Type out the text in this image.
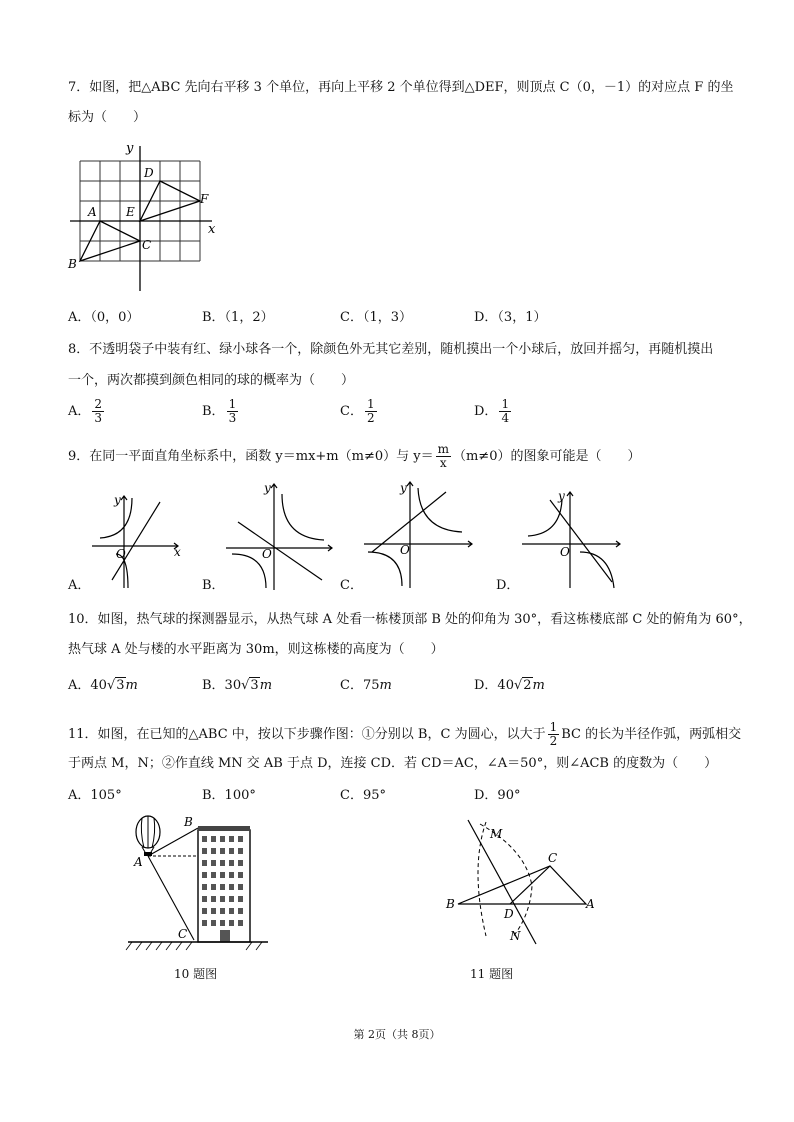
7．如图，把△ABC 先向右平移 3 个单位，再向上平移 2 个单位得到△DEF，则顶点 C（0，－1）的对应点 F 的坐
标为（　　）
y
x
A
B
C
D
E
F
A．（0，0）	B．（1，2）	C．（1，3）	D．（3，1）
8．不透明袋子中装有红、绿小球各一个，除颜色外无其它差别，随机摸出一个小球后，放回并摇匀，再随机摸出
一个，两次都摸到颜色相同的球的概率为（　　）
A． $\frac{2}{3}$	B． $\frac{1}{3}$	C． $\frac{1}{2}$	D． $\frac{1}{4}$
9．在同一平面直角坐标系中，函数 y＝mx+m（m≠0）与 $y= \frac{m}{x} (m\ne 0)$的图象可能是（　　）
y
O	x
y
O
y
O
y
O
A．	B．	C．	D．
10．如图，热气球的探测器显示，从热气球 A 处看一栋楼顶部 B 处的仰角为 30°，看这栋楼底部 C 处的俯角为 60°，
热气球 A 处与楼的水平距离为 30m，则这栋楼的高度为（　　）
A．40√3m	B．30√3m	C．75m	D．40√2m
11．如图，在已知的△ABC 中，按以下步骤作图：①分别以 B，C 为圆心，以大于 $\frac{1}{2}$ BC 的长为半径作弧，两弧相交
于两点 M，N；②作直线 MN 交 AB 于点 D，连接 CD．若 CD＝AC，∠A＝50°，则∠ACB 的度数为（　　）
A．105°	B．100°	C．95°	D．90°
A
B
C
10 题图
M
N
B
C
D
A
11 题图
第 2页（共 8页）
